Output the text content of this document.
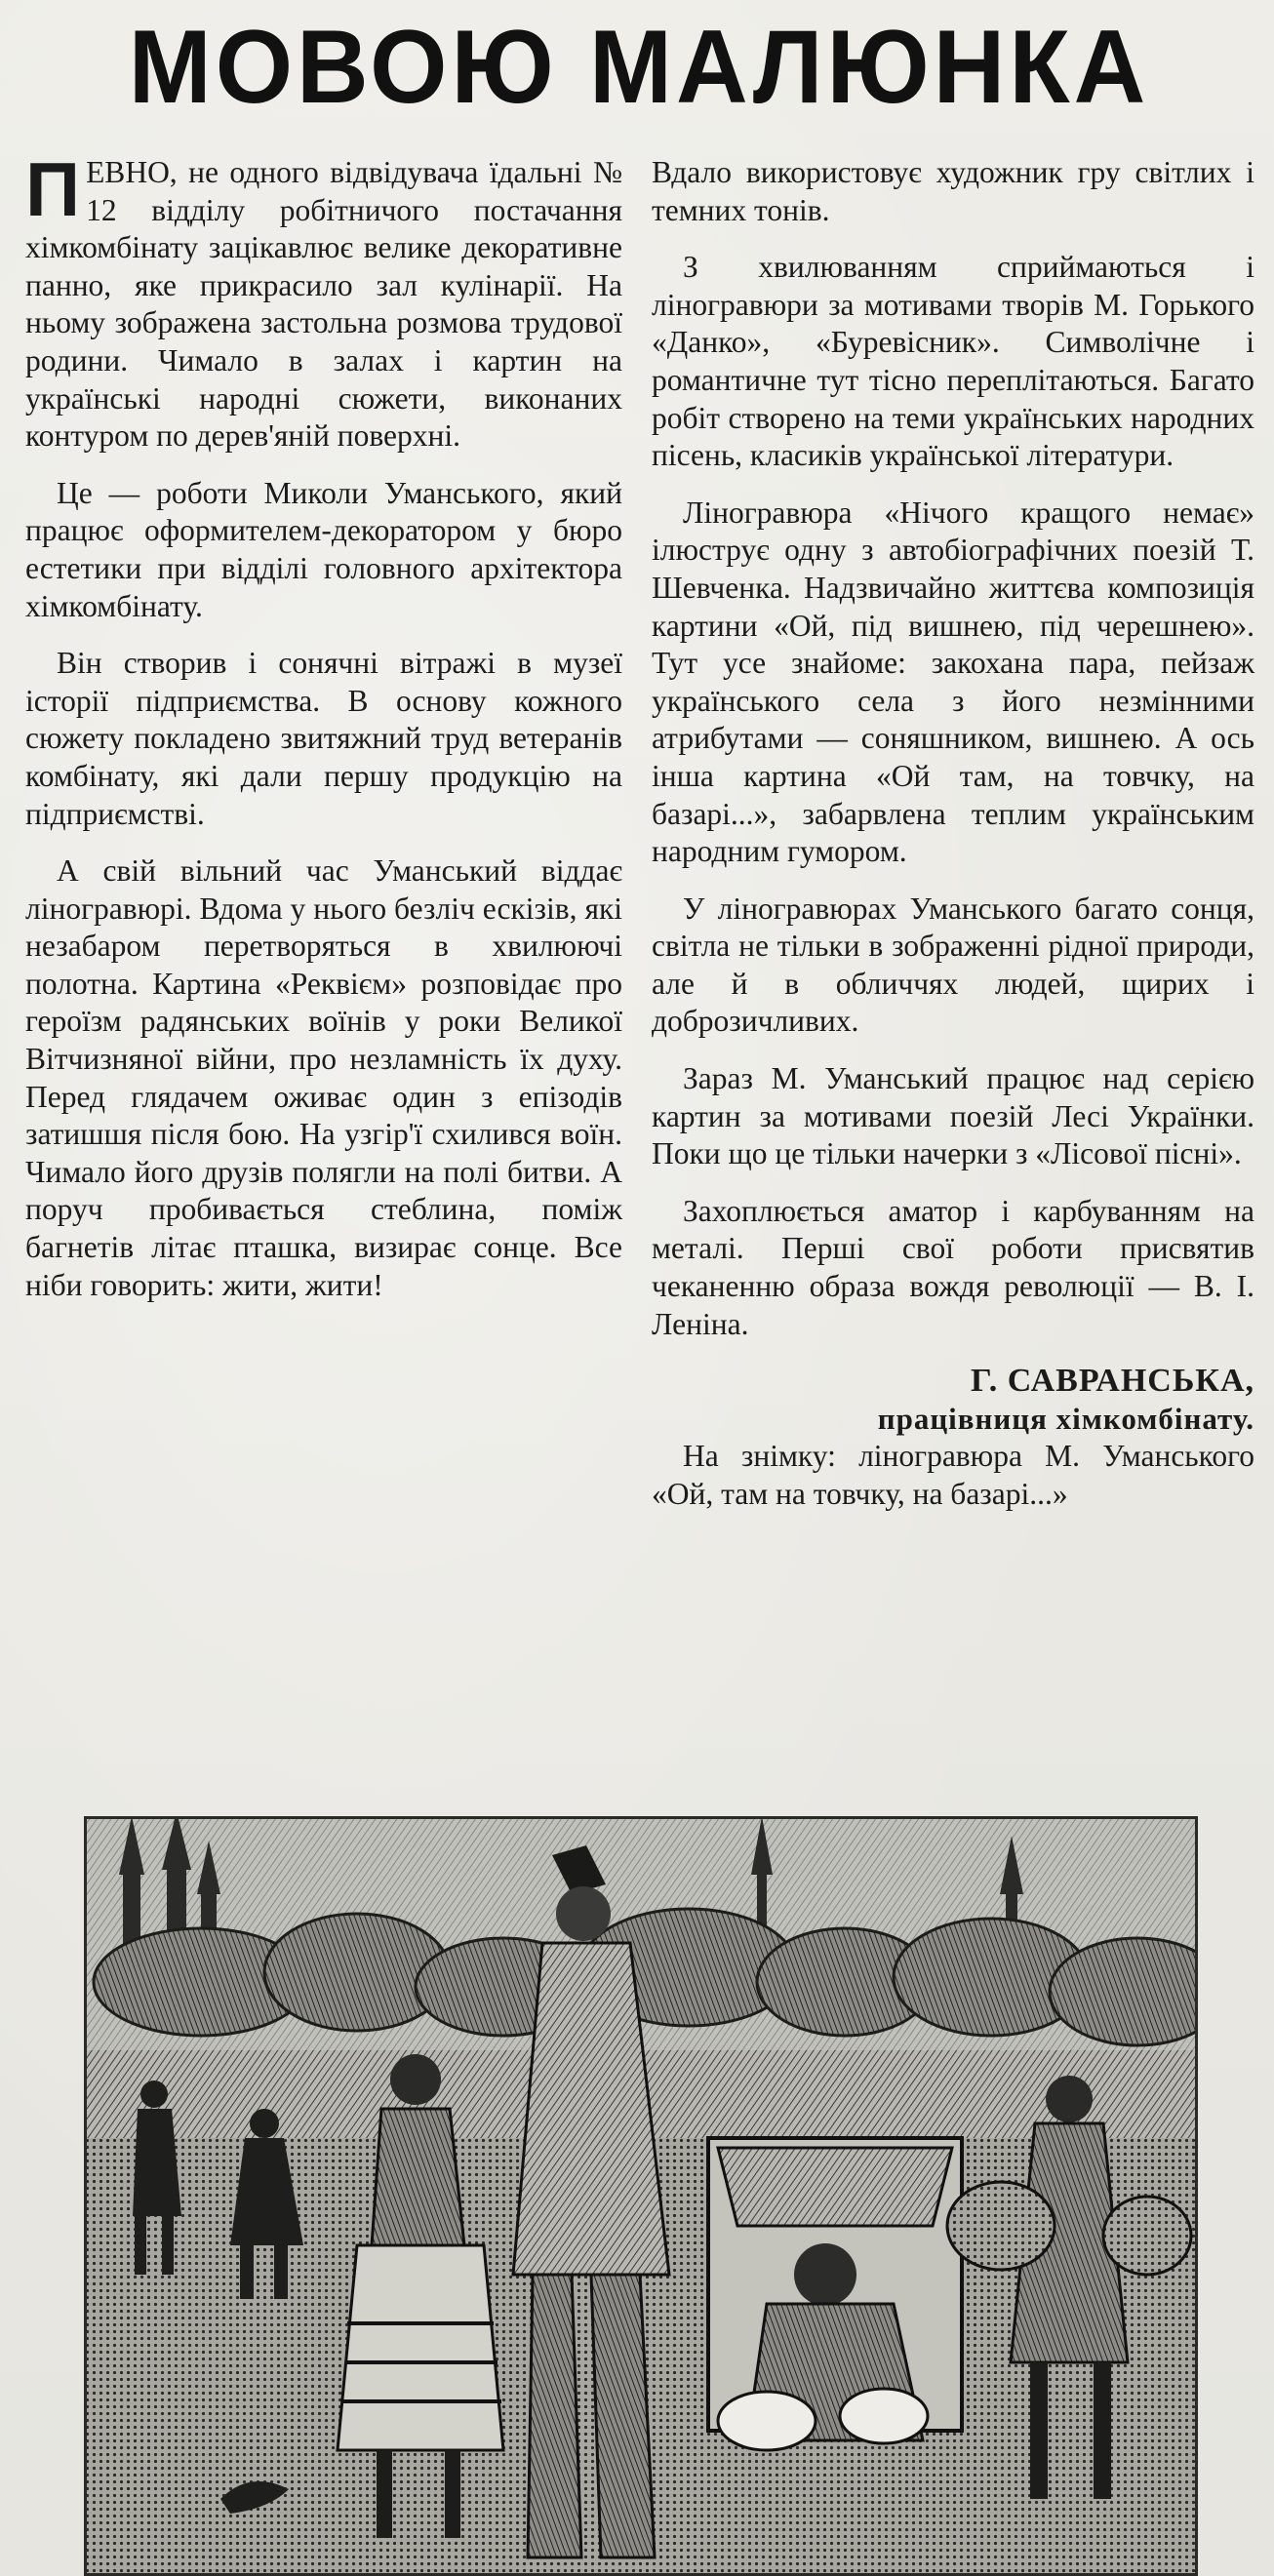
МОВОЮ МАЛЮНКА

ПЕВНО, не одного відвідувача їдальні № 12 відділу робітничого постачання хімкомбінату зацікавлює велике декоративне панно, яке прикрасило зал кулінарії. На ньому зображена застольна розмова трудової родини. Чимало в залах і картин на українські народні сюжети, виконаних контуром по дерев'яній поверхні.

Це — роботи Миколи Уманського, який працює оформителем-декоратором у бюро естетики при відділі головного архітектора хімкомбінату.

Він створив і сонячні вітражі в музеї історії підприємства. В основу кожного сюжету покладено звитяжний труд ветеранів комбінату, які дали першу продукцію на підприємстві.

А свій вільний час Уманський віддає ліногравюрі. Вдома у нього безліч ескізів, які незабаром перетворяться в хвилюючі полотна. Картина «Реквієм» розповідає про героїзм радянських воїнів у роки Великої Вітчизняної війни, про незламність їх духу. Перед глядачем оживає один з епізодів затишшя після бою. На узгір'ї схилився воїн. Чимало його друзів полягли на полі битви. А поруч пробивається стеблина, поміж багнетів літає пташка, визирає сонце. Все ніби говорить: жити, жити!

Вдало використовує художник гру світлих і темних тонів.

З хвилюванням сприймаються і ліногравюри за мотивами творів М. Горького «Данко», «Буревісник». Символічне і романтичне тут тісно переплітаються. Багато робіт створено на теми українських народних пісень, класиків української літератури.

Ліногравюра «Нічого кращого немає» ілюструє одну з автобіографічних поезій Т. Шевченка. Надзвичайно життєва композиція картини «Ой, під вишнею, під черешнею». Тут усе знайоме: закохана пара, пейзаж українського села з його незмінними атрибутами — соняшником, вишнею. А ось інша картина «Ой там, на товчку, на базарі...», забарвлена теплим українським народним гумором.

У ліногравюрах Уманського багато сонця, світла не тільки в зображенні рідної природи, але й в обличчях людей, щирих і доброзичливих.

Зараз М. Уманський працює над серією картин за мотивами поезій Лесі Українки. Поки що це тільки начерки з «Лісової пісні».

Захоплюється аматор і карбуванням на металі. Перші свої роботи присвятив чеканенню образа вождя революції — В. І. Леніна.

Г. САВРАНСЬКА,
працівниця хімкомбінату.

На знімку: ліногравюра М. Уманського «Ой, там на товчку, на базарі...»
